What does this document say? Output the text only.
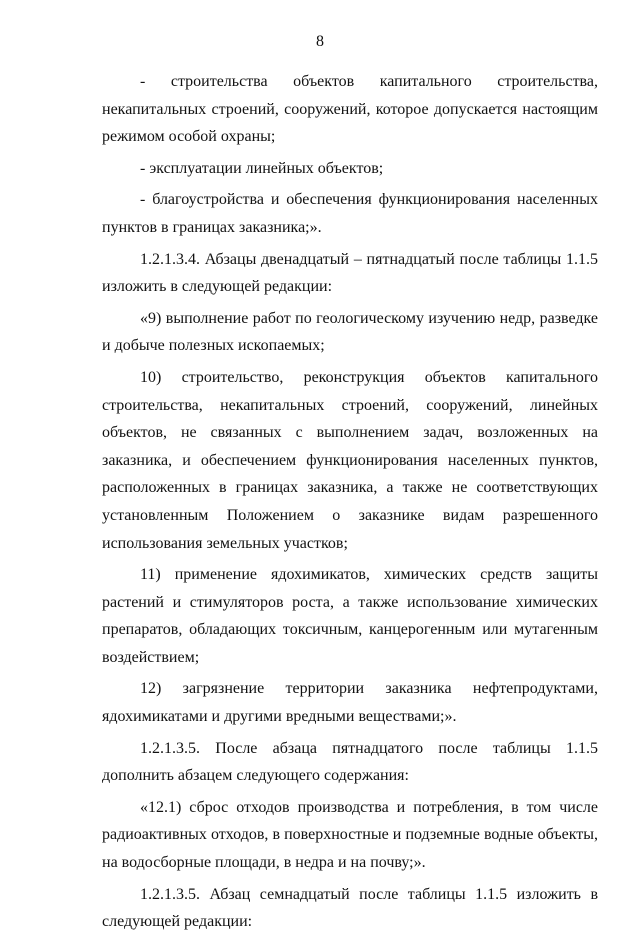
8

- строительства объектов капитального строительства, некапитальных строений, сооружений, которое допускается настоящим режимом особой охраны;

- эксплуатации линейных объектов;

- благоустройства и обеспечения функционирования населенных пунктов в границах заказника;».

1.2.1.3.4. Абзацы двенадцатый – пятнадцатый после таблицы 1.1.5 изложить в следующей редакции:

«9) выполнение работ по геологическому изучению недр, разведке и добыче полезных ископаемых;

10) строительство, реконструкция объектов капитального строительства, некапитальных строений, сооружений, линейных объектов, не связанных с выполнением задач, возложенных на заказника, и обеспечением функционирования населенных пунктов, расположенных в границах заказника, а также не соответствующих установленным Положением о заказнике видам разрешенного использования земельных участков;

11) применение ядохимикатов, химических средств защиты растений и стимуляторов роста, а также использование химических препаратов, обладающих токсичным, канцерогенным или мутагенным воздействием;

12) загрязнение территории заказника нефтепродуктами, ядохимикатами и другими вредными веществами;».

1.2.1.3.5. После абзаца пятнадцатого после таблицы 1.1.5 дополнить абзацем следующего содержания:

«12.1) сброс отходов производства и потребления, в том числе радиоактивных отходов, в поверхностные и подземные водные объекты, на водосборные площади, в недра и на почву;».

1.2.1.3.5. Абзац семнадцатый после таблицы 1.1.5 изложить в следующей редакции:
